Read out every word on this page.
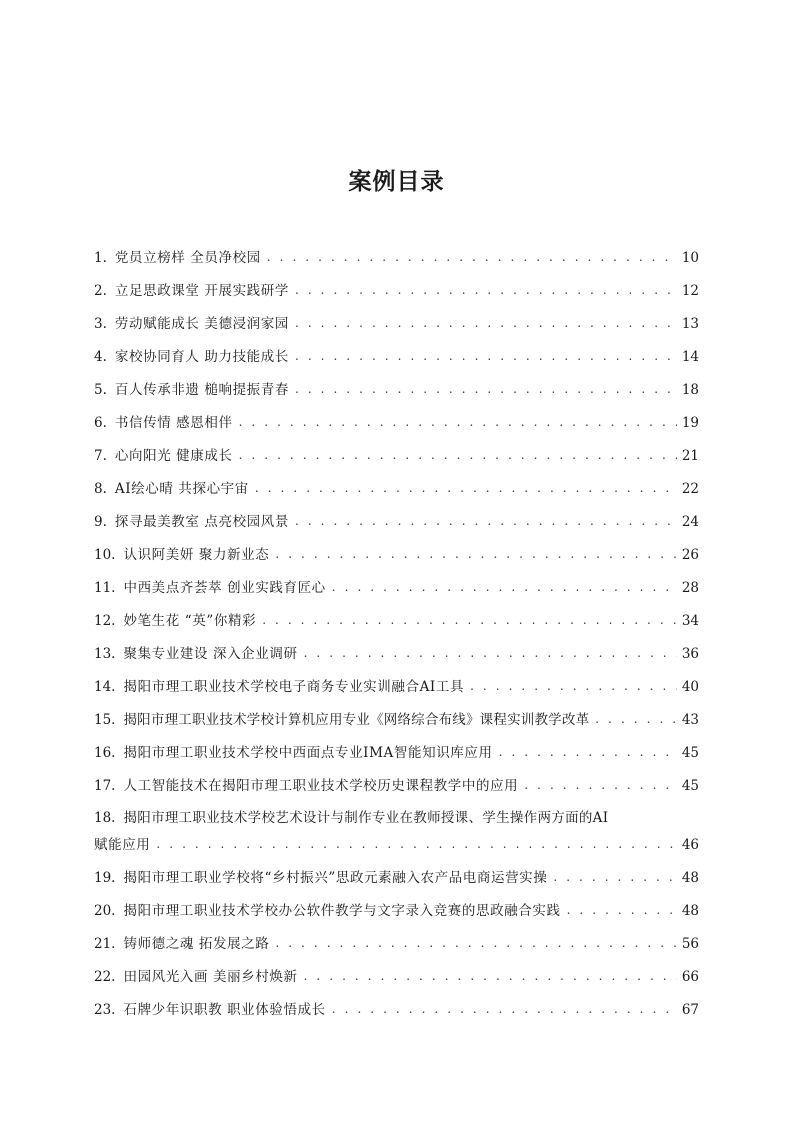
案例目录
1. 党员立榜样 全员净校园 . . .	10
2. 立足思政课堂 开展实践研学 . . .	12
3. 劳动赋能成长 美德浸润家园 . . .	13
4. 家校协同育人 助力技能成长 . . .	14
5. 百人传承非遗 槌响提振青春 . . .	18
6. 书信传情 感恩相伴 . . .	19
7. 心向阳光 健康成长 . . .	21
8. AI绘心晴 共探心宇宙 . . .	22
9. 探寻最美教室 点亮校园风景 . . .	24
10. 认识阿美妍 聚力新业态 . . .	26
11. 中西美点齐荟萃 创业实践育匠心 . . .	28
12. 妙笔生花 “英”你精彩 . . .	34
13. 聚集专业建设 深入企业调研 . . .	36
14. 揭阳市理工职业技术学校电子商务专业实训融合AI工具 . . .	40
15. 揭阳市理工职业技术学校计算机应用专业《网络综合布线》课程实训教学改革 . . .	43
16. 揭阳市理工职业技术学校中西面点专业IMA智能知识库应用 . . .	45
17. 人工智能技术在揭阳市理工职业技术学校历史课程教学中的应用 . . .	45
18. 揭阳市理工职业技术学校艺术设计与制作专业在教师授课、学生操作两方面的AI
赋能应用 . . .	46
19. 揭阳市理工职业学校将“乡村振兴”思政元素融入农产品电商运营实操 . . .	48
20. 揭阳市理工职业技术学校办公软件教学与文字录入竞赛的思政融合实践 . . .	48
21. 铸师德之魂 拓发展之路 . . .	56
22. 田园风光入画 美丽乡村焕新 . . .	66
23. 石牌少年识职教 职业体验悟成长 . . .	67
